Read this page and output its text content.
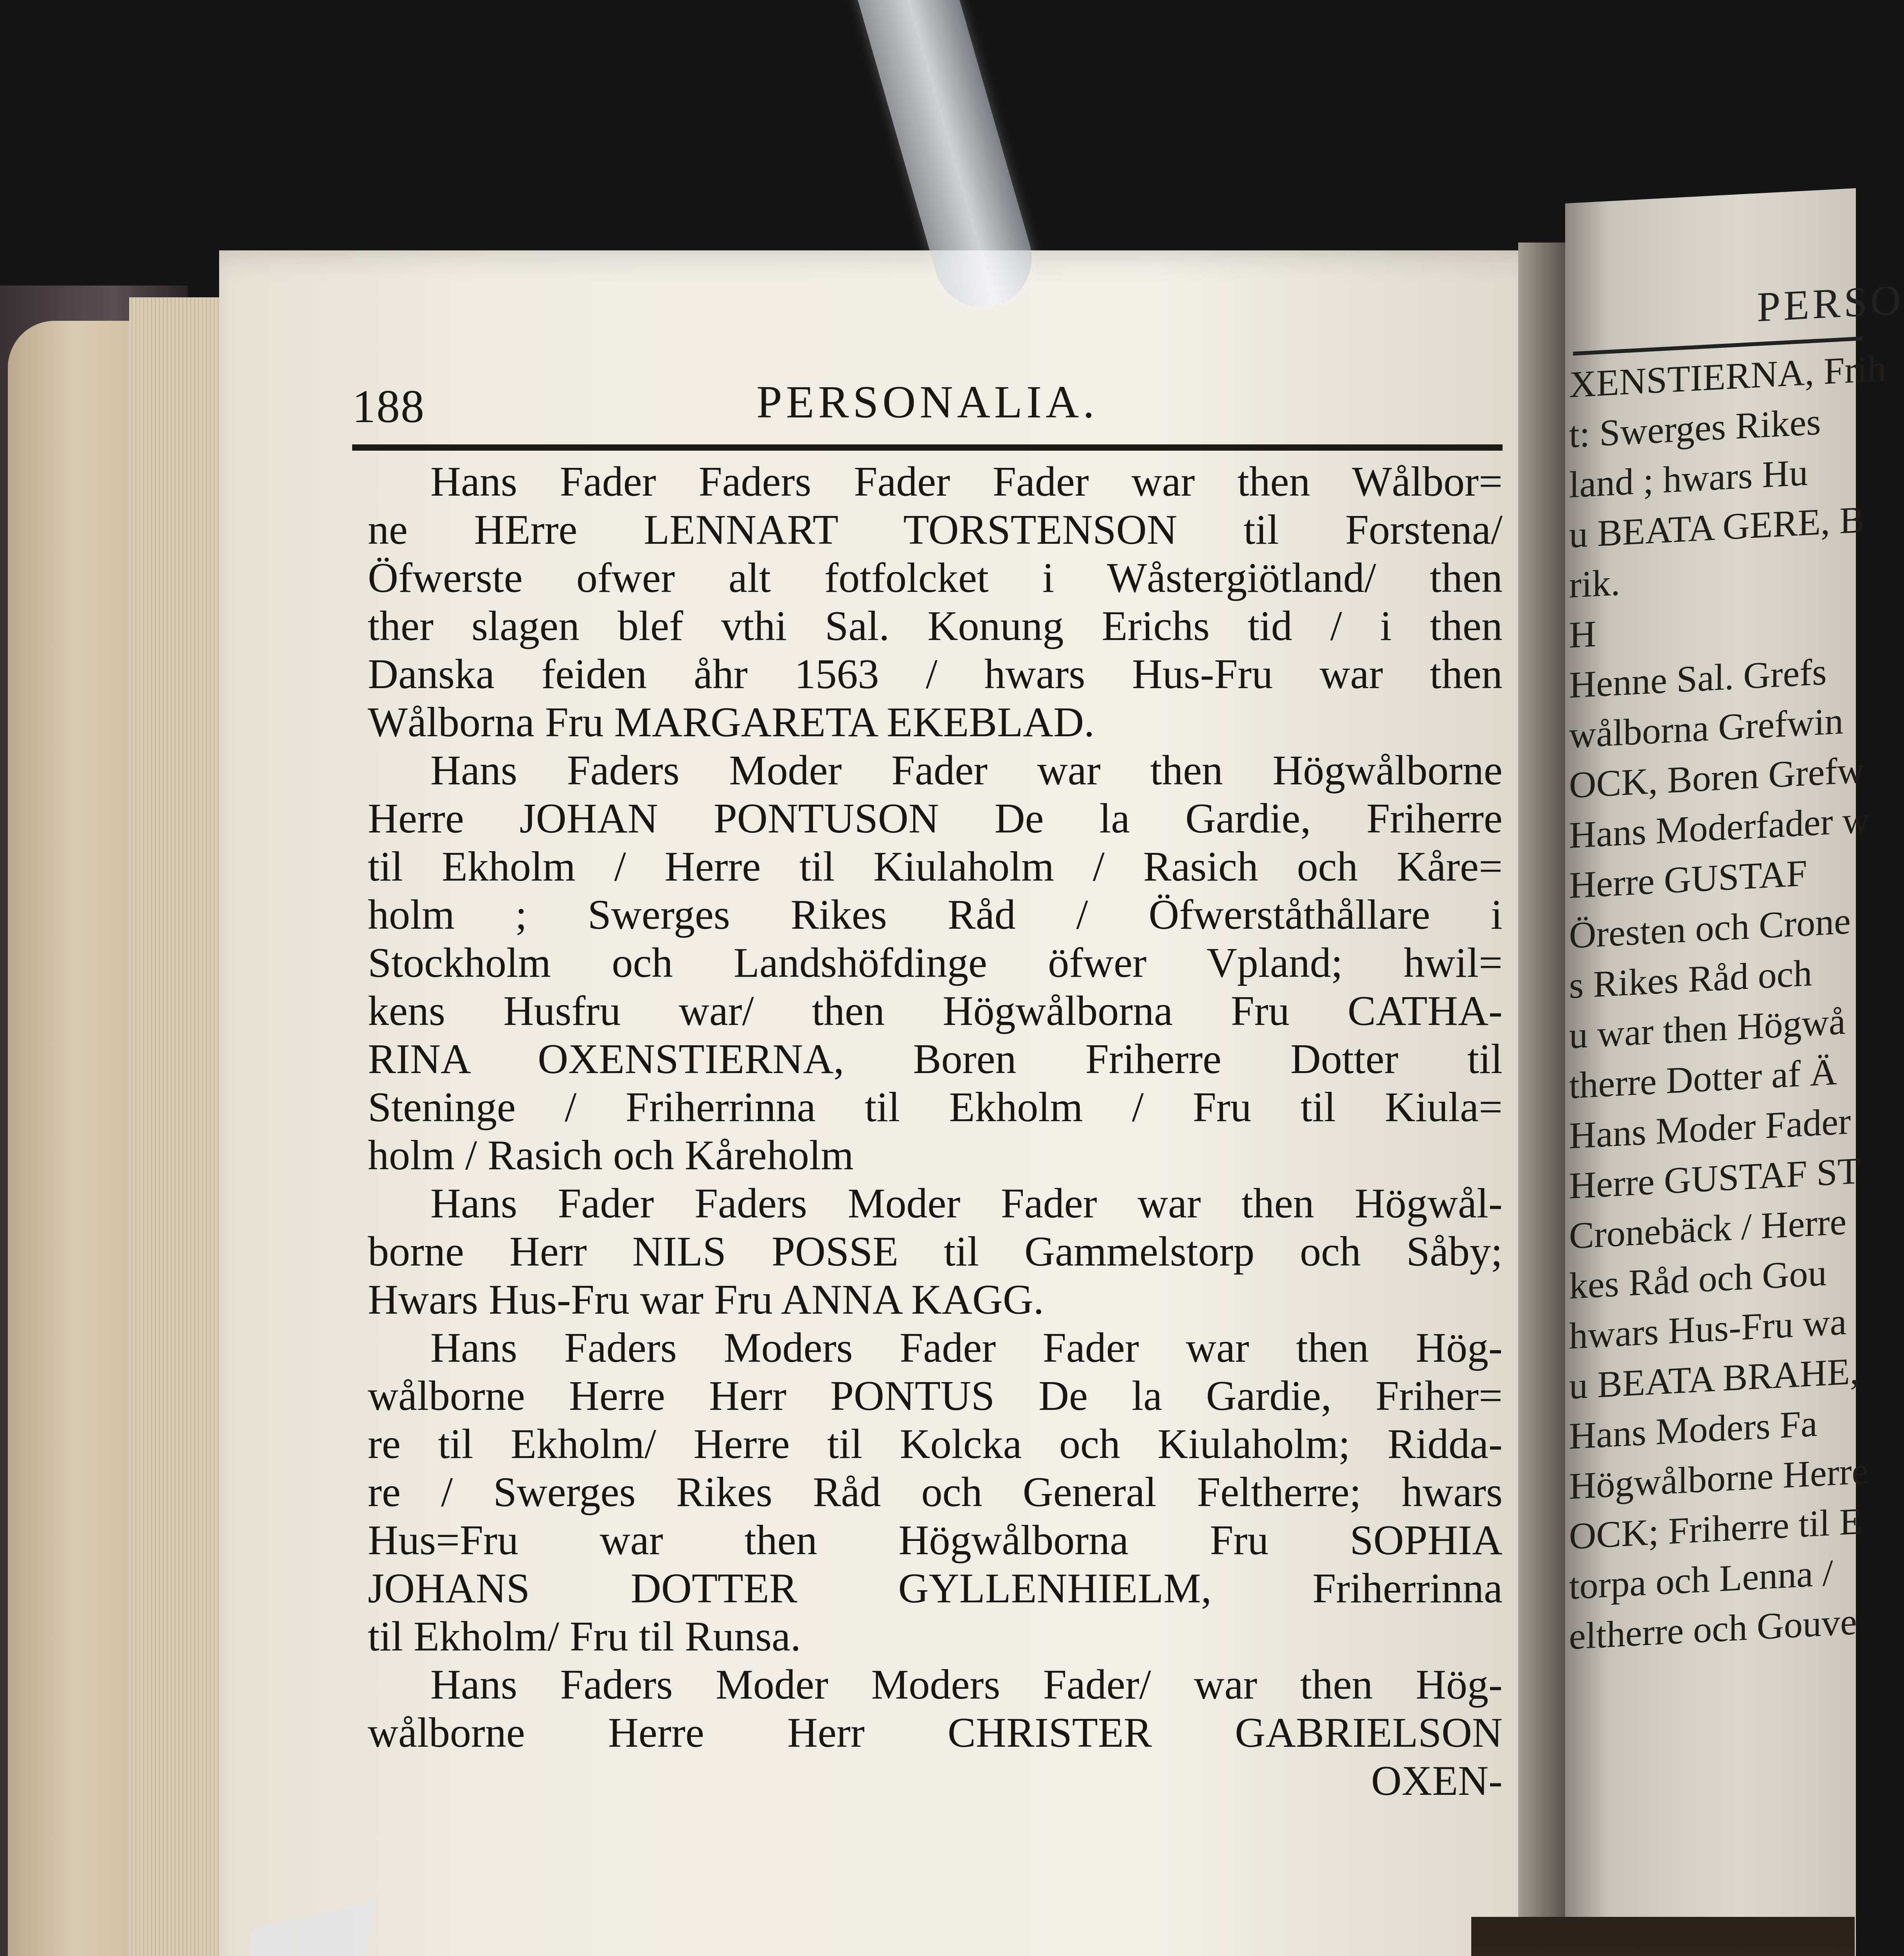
188	PERSONALIA.
Hans Fader Faders Fader Fader war then Wålbor=
ne HErre LENNART TORSTENSON til Forstena/
Öfwerste ofwer alt fotfolcket i Wåstergiötland/ then
ther slagen blef vthi Sal. Konung Erichs tid / i then
Danska feiden åhr 1563 / hwars Hus-Fru war then
Wålborna Fru MARGARETA EKEBLAD.
Hans Faders Moder Fader war then Högwålborne
Herre JOHAN PONTUSON De la Gardie, Friherre
til Ekholm / Herre til Kiulaholm / Rasich och Kåre=
holm ; Swerges Rikes Råd / Öfwerståthållare i
Stockholm och Landshöfdinge öfwer Vpland; hwil=
kens Husfru war/ then Högwålborna Fru CATHA-
RINA OXENSTIERNA, Boren Friherre Dotter til
Steninge / Friherrinna til Ekholm / Fru til Kiula=
holm / Rasich och Kåreholm
Hans Fader Faders Moder Fader war then Högwål-
borne Herr NILS POSSE til Gammelstorp och Såby;
Hwars Hus-Fru war Fru ANNA KAGG.
Hans Faders Moders Fader Fader war then Hög-
wålborne Herre Herr PONTUS De la Gardie, Friher=
re til Ekholm/ Herre til Kolcka och Kiulaholm; Ridda-
re / Swerges Rikes Råd och General Feltherre; hwars
Hus=Fru war then Högwålborna Fru SOPHIA
JOHANS DOTTER GYLLENHIELM, Friherrinna
til Ekholm/ Fru til Runsa.
Hans Faders Moder Moders Fader/ war then Hög-
wålborne Herre Herr CHRISTER GABRIELSON
OXEN-
PERSO
XENSTIERNA, Frih
t: Swerges Rikes
land ; hwars Hu
u BEATA GERE, B
rik.
H
Henne Sal. Grefs
wålborna Grefwin
OCK, Boren Grefw
Hans Moderfader w
Herre GUSTAF
Öresten och Crone
s Rikes Råd och
u war then Högwå
therre Dotter af Ä
Hans Moder Fader
Herre GUSTAF ST
Cronebäck / Herre
kes Råd och Gou
hwars Hus-Fru wa
u BEATA BRAHE,
Hans Moders Fa
Högwålborne Herre
OCK; Friherre til E
torpa och Lenna /
eltherre och Gouve
